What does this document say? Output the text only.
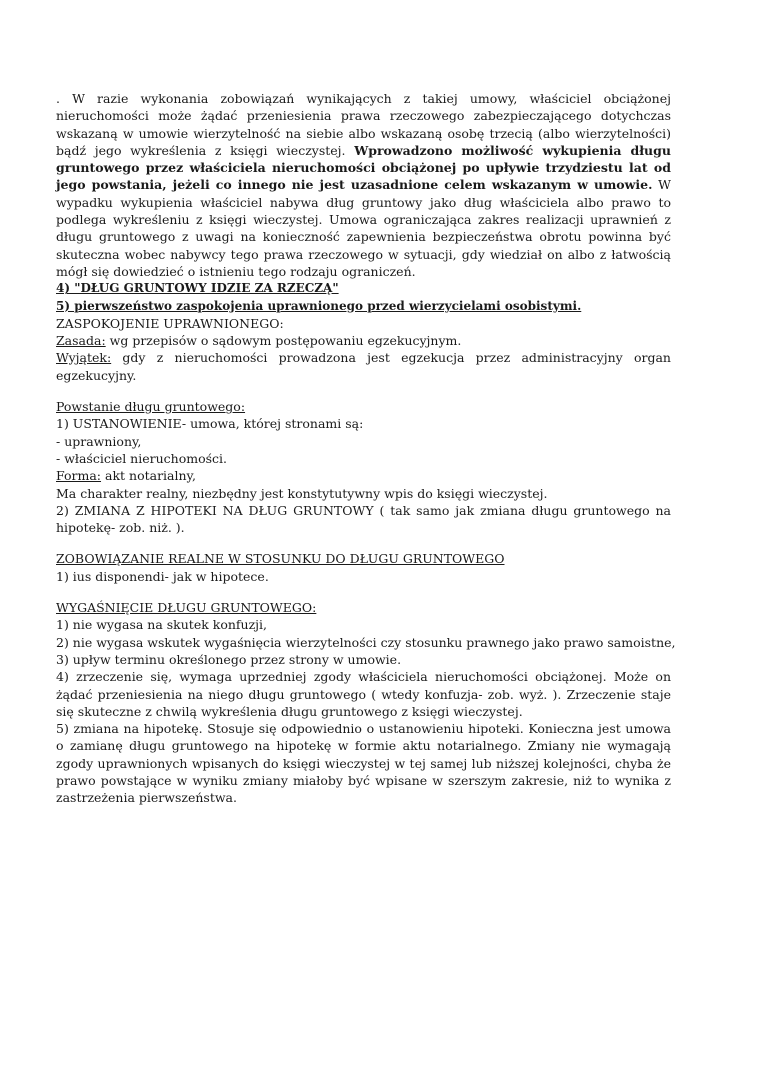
. W razie wykonania zobowiązań wynikających z takiej umowy, właściciel obciążonej nieruchomości może żądać przeniesienia prawa rzeczowego zabezpieczającego dotychczas wskazaną w umowie wierzytelność na siebie albo wskazaną osobę trzecią (albo wierzytelności) bądź jego wykreślenia z księgi wieczystej. Wprowadzono możliwość wykupienia długu gruntowego przez właściciela nieruchomości obciążonej po upływie trzydziestu lat od jego powstania, jeżeli co innego nie jest uzasadnione celem wskazanym w umowie. W wypadku wykupienia właściciel nabywa dług gruntowy jako dług właściciela albo prawo to podlega wykreśleniu z księgi wieczystej. Umowa ograniczająca zakres realizacji uprawnień z długu gruntowego z uwagi na konieczność zapewnienia bezpieczeństwa obrotu powinna być skuteczna wobec nabywcy tego prawa rzeczowego w sytuacji, gdy wiedział on albo z łatwością mógł się dowiedzieć o istnieniu tego rodzaju ograniczeń.

4) "DŁUG GRUNTOWY IDZIE ZA RZECZĄ"
5) pierwszeństwo zaspokojenia uprawnionego przed wierzycielami osobistymi.
ZASPOKOJENIE UPRAWNIONEGO:
Zasada: wg przepisów o sądowym postępowaniu egzekucyjnym.

Wyjątek: gdy z nieruchomości prowadzona jest egzekucja przez administracyjny organ egzekucyjny.

Powstanie długu gruntowego:
1) USTANOWIENIE- umowa, której stronami są:
- uprawniony,
- właściciel nieruchomości.
Forma: akt notarialny,
Ma charakter realny, niezbędny jest konstytutywny wpis do księgi wieczystej.

2) ZMIANA Z HIPOTEKI NA DŁUG GRUNTOWY ( tak samo jak zmiana długu gruntowego na hipotekę- zob. niż. ).

ZOBOWIĄZANIE REALNE W STOSUNKU DO DŁUGU GRUNTOWEGO
1) ius disponendi- jak w hipotece.
WYGAŚNIĘCIE DŁUGU GRUNTOWEGO:
1) nie wygasa na skutek konfuzji,
2) nie wygasa wskutek wygaśnięcia wierzytelności czy stosunku prawnego jako prawo samoistne,
3) upływ terminu określonego przez strony w umowie.

4) zrzeczenie się, wymaga uprzedniej zgody właściciela nieruchomości obciążonej. Może on żądać przeniesienia na niego długu gruntowego ( wtedy konfuzja- zob. wyż. ). Zrzeczenie staje się skuteczne z chwilą wykreślenia długu gruntowego z księgi wieczystej.

5) zmiana na hipotekę. Stosuje się odpowiednio o ustanowieniu hipoteki. Konieczna jest umowa o zamianę długu gruntowego na hipotekę w formie aktu notarialnego. Zmiany nie wymagają zgody uprawnionych wpisanych do księgi wieczystej w tej samej lub niższej kolejności, chyba że prawo powstające w wyniku zmiany miałoby być wpisane w szerszym zakresie, niż to wynika z zastrzeżenia pierwszeństwa.
